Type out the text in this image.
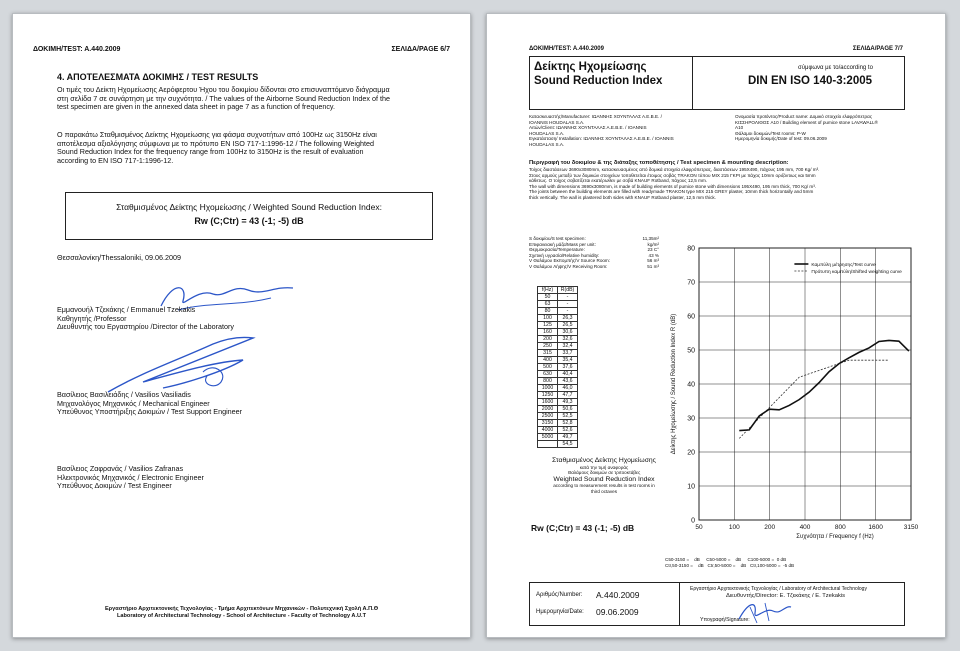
ΔΟΚΙΜΗ/TEST: A.440.2009	ΣΕΛΙΔΑ/PAGE 6/7
4. ΑΠΟΤΕΛΕΣΜΑΤΑ ΔΟΚΙΜΗΣ / TEST RESULTS
Οι τιμές του Δείκτη Ηχομείωσης Αερόφερτου Ήχου του δοκιμίου δίδονται στο επισυναπτόμενο διάγραμμα
στη σελίδα 7 σε συνάρτηση με την συχνότητα. / The values of the Airborne Sound Reduction Index of the
test specimen are given in the annexed data sheet in page 7 as a function of frequency.
Ο παρακάτω Σταθμισμένος Δείκτης Ηχομείωσης για φάσμα συχνοτήτων από 100Hz ως 3150Hz είναι
αποτέλεσμα αξιολόγησης σύμφωνα με το πρότυπο EN ISO 717-1:1996-12 / The following Weighted
Sound Reduction Index for the frequency range from 100Hz to 3150Hz is the result of evaluation
according to EN ISO 717-1:1996-12.
Σταθμισμένος Δείκτης Ηχομείωσης / Weighted Sound Reduction Index:
Rw (C;Ctr) = 43 (-1; -5) dB
Θεσσαλονίκη/Thessaloniki, 09.06.2009
Εμμανουήλ Τζεκάκης / Emmanuel Tzekakis
Καθηγητής /Professor
Διευθυντής του Εργαστηρίου /Director of the Laboratory
Βασίλειος Βασιλειάδης / Vasilios Vasiliadis
Μηχανολόγος Μηχανικός / Mechanical Engineer
Υπεύθυνος Υποστήριξης Δοκιμών / Test Support Engineer
Βασίλειος Ζαφρανάς / Vasilios Zafranas
Ηλεκτρονικός Μηχανικός / Electronic Engineer
Υπεύθυνος Δοκιμών / Test Engineer
Εργαστήριο Αρχιτεκτονικής Τεχνολογίας - Τμήμα Αρχιτεκτόνων Μηχανικών - Πολυτεχνική Σχολή Α.Π.Θ
Laboratory of Architectural Technology - School of Architecture - Faculty of Technology A.U.T
ΔΟΚΙΜΗ/TEST: A.440.2009	ΣΕΛΙΔΑ/PAGE 7/7
Δείκτης Ηχομείωσης
Sound Reduction Index
σύμφωνα με το/according to
DIN EN ISO 140-3:2005
Κατασκευαστής/Manufacturer: ΙΩΑΝΝΗΣ ΧΟΥΝΤΑΛΑΣ Α.Ε.Β.Ε. /
IOANNIS HOUDALAS S.A.
Αιτών/Client: ΙΩΑΝΝΗΣ ΧΟΥΝΤΑΛΑΣ Α.Ε.Β.Ε. / IOANNIS
HOUDALAS S.A.
Εγκατάσταση/ Installation: ΙΩΑΝΝΗΣ ΧΟΥΝΤΑΛΑΣ Α.Ε.Β.Ε. / IOANNIS
HOUDALAS S.A.
Ονομασία προϊόντος/Product name: Δομικό στοιχείο ελαφρόπετρας
ΚΙΣΣΗΡΟΛΙΘΟΣ A10 / Building element of pumice stone LAVAWALL®
A10
Θάλαμοι δοκιμών/Test rooms: P-W
Ημερομηνία δοκιμής/Date of test: 09.06.2009
Περιγραφή του δοκιμίου & της διάταξης τοποθέτησης / Test specimen & mounting description:
Τοίχος διαστάσεων 3690x3080mm, κατασκευασμένος από δομικά στοιχεία ελαφρόπετρας, διαστάσεων 195X490, πάχους 195 mm, 700 Kg/ m³.
Στους αρμούς μεταξύ των δομικών στοιχείων τοποθετείται έτοιμος σοβάς TRAKON τύπου MIX 215 ΓΚΡΙ με πάχος 10mm οριζόντιως και 5mm
κάθετως. Ο τοίχος σοβατίζεται εκατέρωθεν με σοβά KNAUF Rotband, πάχους 12,5 mm.
The wall with dimensions 3690x3080mm, is made of building elements of pumice stone with dimensions 195X490, 195 mm thick, 700 Kg/ m³.
The joints between the building elements are filled with readymade TRAKON type MIX 215 GREY plaster, 10mm thick horizontally and 5mm
thick vertically. The wall is plastered both sides with KNAUF Rotband plaster, 12,5 mm thick.
S δοκιμίου/S test specimen:	11,35m²
Επιφανειακή μάζα/Mass per unit:	kg/m²
Θερμοκρασία/Temperature:	23 C°
Σχετική υγρασία/Relative humidity:	43 %
V Θαλάμου Εκπομπής/V Source Room:	56 m³
V Θαλάμου Λήψης/V Receiving Room:	51 m³
f(Hz)	R(dB)
50	-
63	-
80	-
100	26,3
125	26,5
160	30,6
200	32,6
250	32,4
315	33,7
400	35,4
500	37,6
630	40,4
800	43,6
1000	46,0
1250	47,7
1600	49,3
2000	50,6
2500	52,5
3150	52,8
4000	52,6
5000	49,7
	54,5
Σταθμισμένος Δείκτης Ηχομείωσης
κατά την τιμή αναφοράς
Θαλάμους δοκιμών σε τριτοοκτάβες
Weighted Sound Reduction Index
according to measurement results in test rooms in
third octaves
Rw (C;Ctr) = 43 (-1; -5) dB
0
10
20
30
40
50
60
70
80
50	100	200	400	800	1600	3150
Συχνότητα / Frequency f (Hz)
Δείκτης Ηχομείωσης / Sound Reduction Index R (dB)
Καμπύλη μέτρησης/Test curve
Πρότυπη καμπύλη/Shifted weighting curve
C50-3150 =    dB     C50-5000 =    dB     C100-5000 =  0 dB
Ctr,50-3150 =    dB   Ctr,50-5000 =    dB   Ctr,100-5000 =  -5 dB
Αριθμός/Number: A.440.2009
Ημερομηνία/Date: 09.06.2009
Εργαστήριο Αρχιτεκτονικής Τεχνολογίας / Laboratory of Architectural Technology
Διευθυντής/Director: Ε. Τζεκάκης / E. Tzekakis
Υπογραφή/Signature:
